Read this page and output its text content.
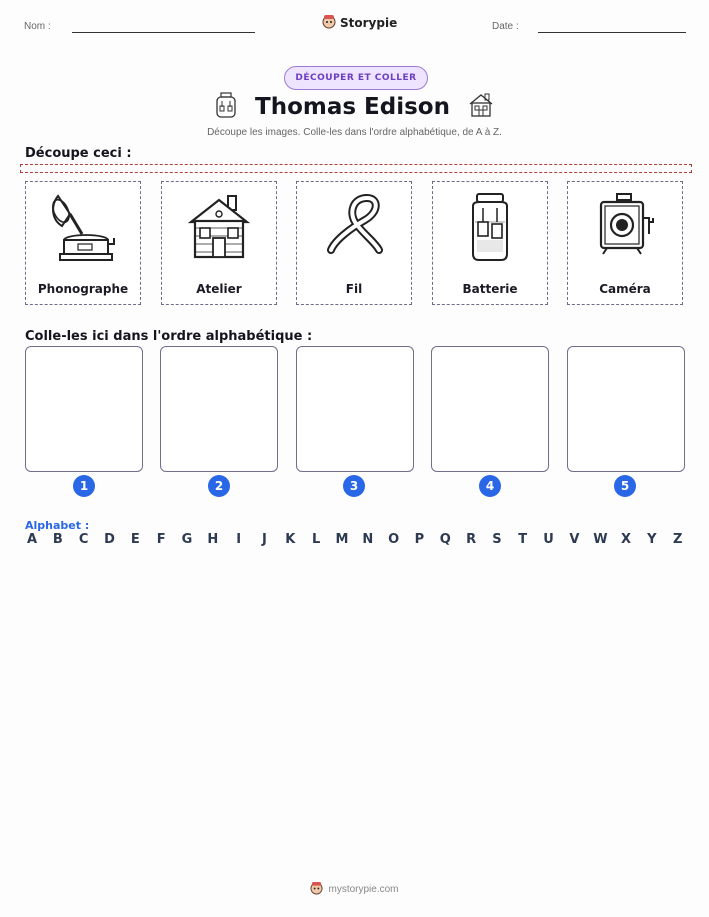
Nom :	Storypie	Date :
DÉCOUPER ET COLLER
Thomas Edison
Découpe les images. Colle-les dans l'ordre alphabétique, de A à Z.
Découpe ceci :
Phonographe	Atelier	Fil	Batterie	Caméra
Colle-les ici dans l'ordre alphabétique :
1	2	3	4	5
Alphabet :
A B C D E F G H	I	J	K L M N O P Q R S T U V W X Y Z
mystorypie.com
